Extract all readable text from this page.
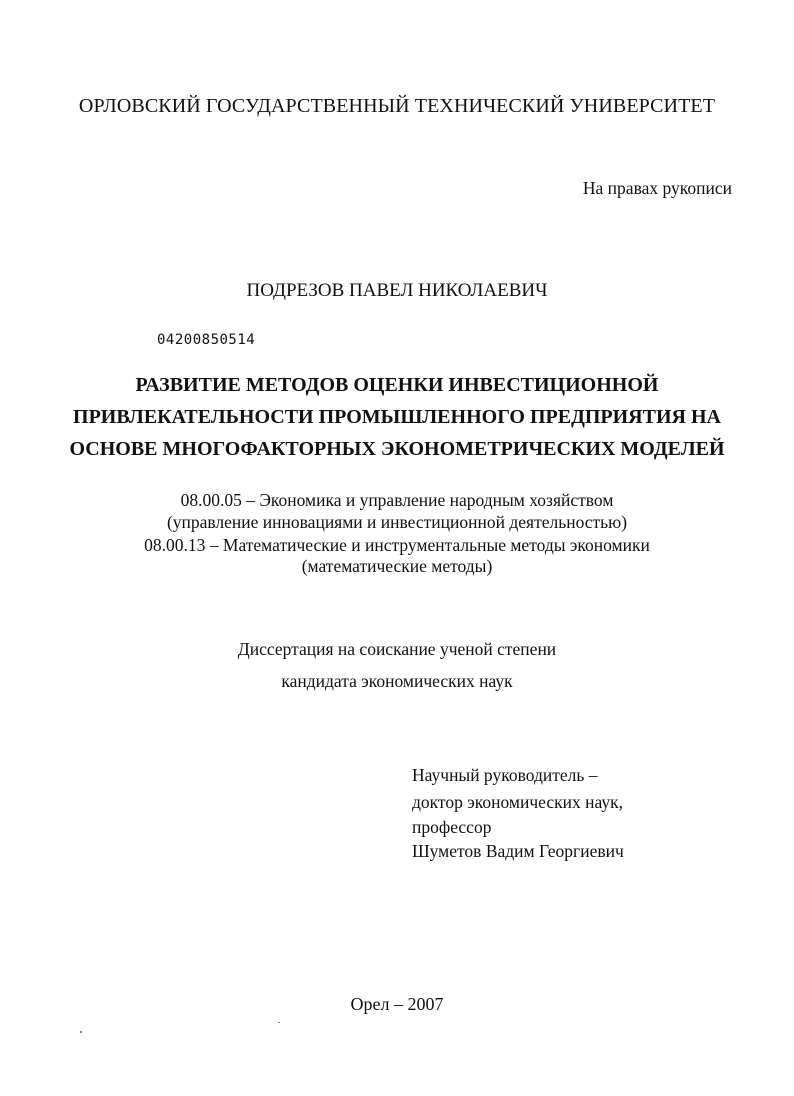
ОРЛОВСКИЙ ГОСУДАРСТВЕННЫЙ ТЕХНИЧЕСКИЙ УНИВЕРСИТЕТ
На правах рукописи
ПОДРЕЗОВ ПАВЕЛ НИКОЛАЕВИЧ
04200850514
РАЗВИТИЕ МЕТОДОВ ОЦЕНКИ ИНВЕСТИЦИОННОЙ
ПРИВЛЕКАТЕЛЬНОСТИ ПРОМЫШЛЕННОГО ПРЕДПРИЯТИЯ НА
ОСНОВЕ МНОГОФАКТОРНЫХ ЭКОНОМЕТРИЧЕСКИХ МОДЕЛЕЙ
08.00.05 – Экономика и управление народным хозяйством
(управление инновациями и инвестиционной деятельностью)
08.00.13 – Математические и инструментальные методы экономики
(математические методы)
Диссертация на соискание ученой степени
кандидата экономических наук
Научный руководитель –
доктор экономических наук,
профессор
Шуметов Вадим Георгиевич
Орел – 2007
